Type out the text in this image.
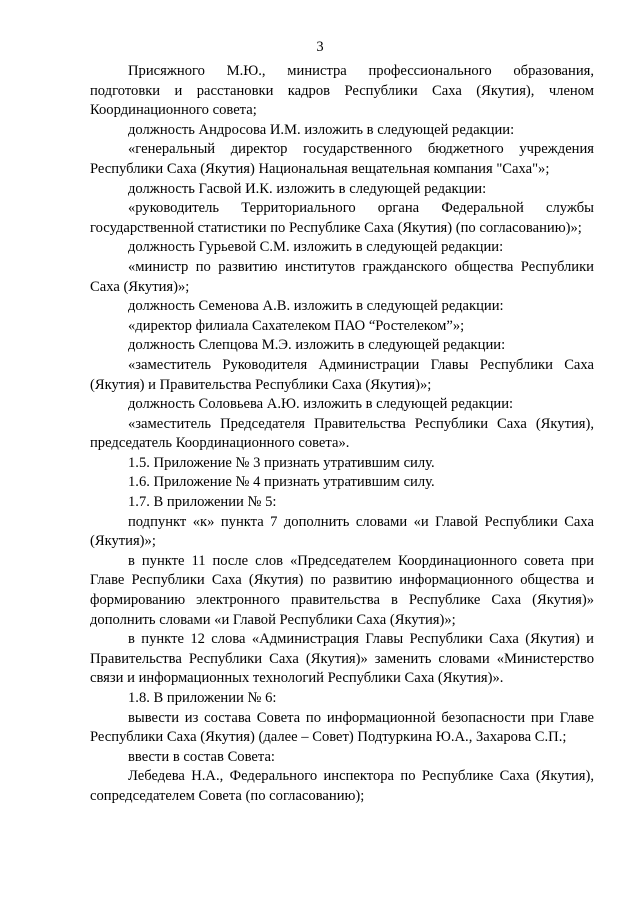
3

Присяжного М.Ю., министра профессионального образования, подготовки и расстановки кадров Республики Саха (Якутия), членом Координационного совета;

должность Андросова И.М. изложить в следующей редакции:

«генеральный директор государственного бюджетного учреждения Республики Саха (Якутия) Национальная вещательная компания "Саха"»;

должность Гасвой И.К. изложить в следующей редакции:

«руководитель Территориального органа Федеральной службы государственной статистики по Республике Саха (Якутия) (по согласованию)»;

должность Гурьевой С.М. изложить в следующей редакции:

«министр по развитию институтов гражданского общества Республики Саха (Якутия)»;

должность Семенова А.В. изложить в следующей редакции:

«директор филиала Сахателеком ПАО “Ростелеком”»;

должность Слепцова М.Э. изложить в следующей редакции:

«заместитель Руководителя Администрации Главы Республики Саха (Якутия) и Правительства Республики Саха (Якутия)»;

должность Соловьева А.Ю. изложить в следующей редакции:

«заместитель Председателя Правительства Республики Саха (Якутия), председатель Координационного совета».

1.5. Приложение № 3 признать утратившим силу.

1.6. Приложение № 4 признать утратившим силу.

1.7. В приложении № 5:

подпункт «к» пункта 7 дополнить словами «и Главой Республики Саха (Якутия)»;

в пункте 11 после слов «Председателем Координационного совета при Главе Республики Саха (Якутия) по развитию информационного общества и формированию электронного правительства в Республике Саха (Якутия)» дополнить словами «и Главой Республики Саха (Якутия)»;

в пункте 12 слова «Администрация Главы Республики Саха (Якутия) и Правительства Республики Саха (Якутия)» заменить словами «Министерство связи и информационных технологий Республики Саха (Якутия)».

1.8. В приложении № 6:

вывести из состава Совета по информационной безопасности при Главе Республики Саха (Якутия) (далее – Совет) Подтуркина Ю.А., Захарова С.П.;

ввести в состав Совета:

Лебедева Н.А., Федерального инспектора по Республике Саха (Якутия), сопредседателем Совета (по согласованию);
